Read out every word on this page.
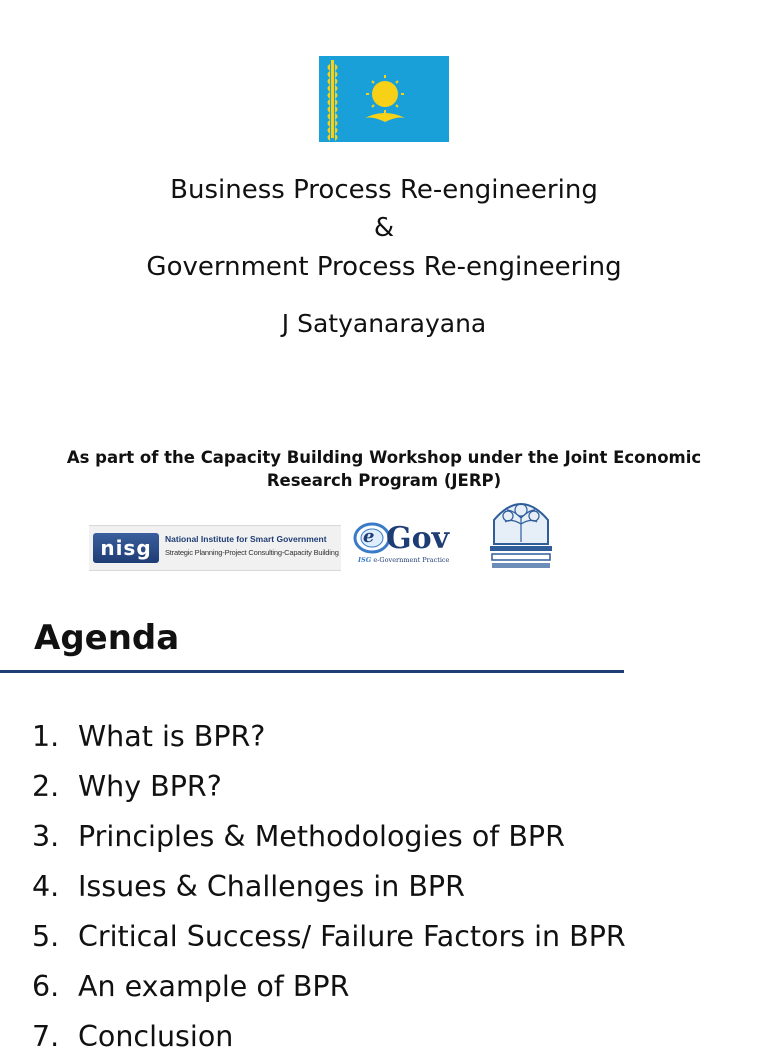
Business Process Re-engineering
&
Government Process Re-engineering
J Satyanarayana
As part of the Capacity Building Workshop under the Joint Economic
Research Program (JERP)
nisg	National Institute for Smart Government
Strategic Planning-Project Consulting-Capacity Building
e Gov
ISG e-Government Practice
Agenda
1. What is BPR?
2. Why BPR?
3. Principles & Methodologies of BPR
4. Issues & Challenges in BPR
5. Critical Success/ Failure Factors in BPR
6. An example of BPR
7. Conclusion
